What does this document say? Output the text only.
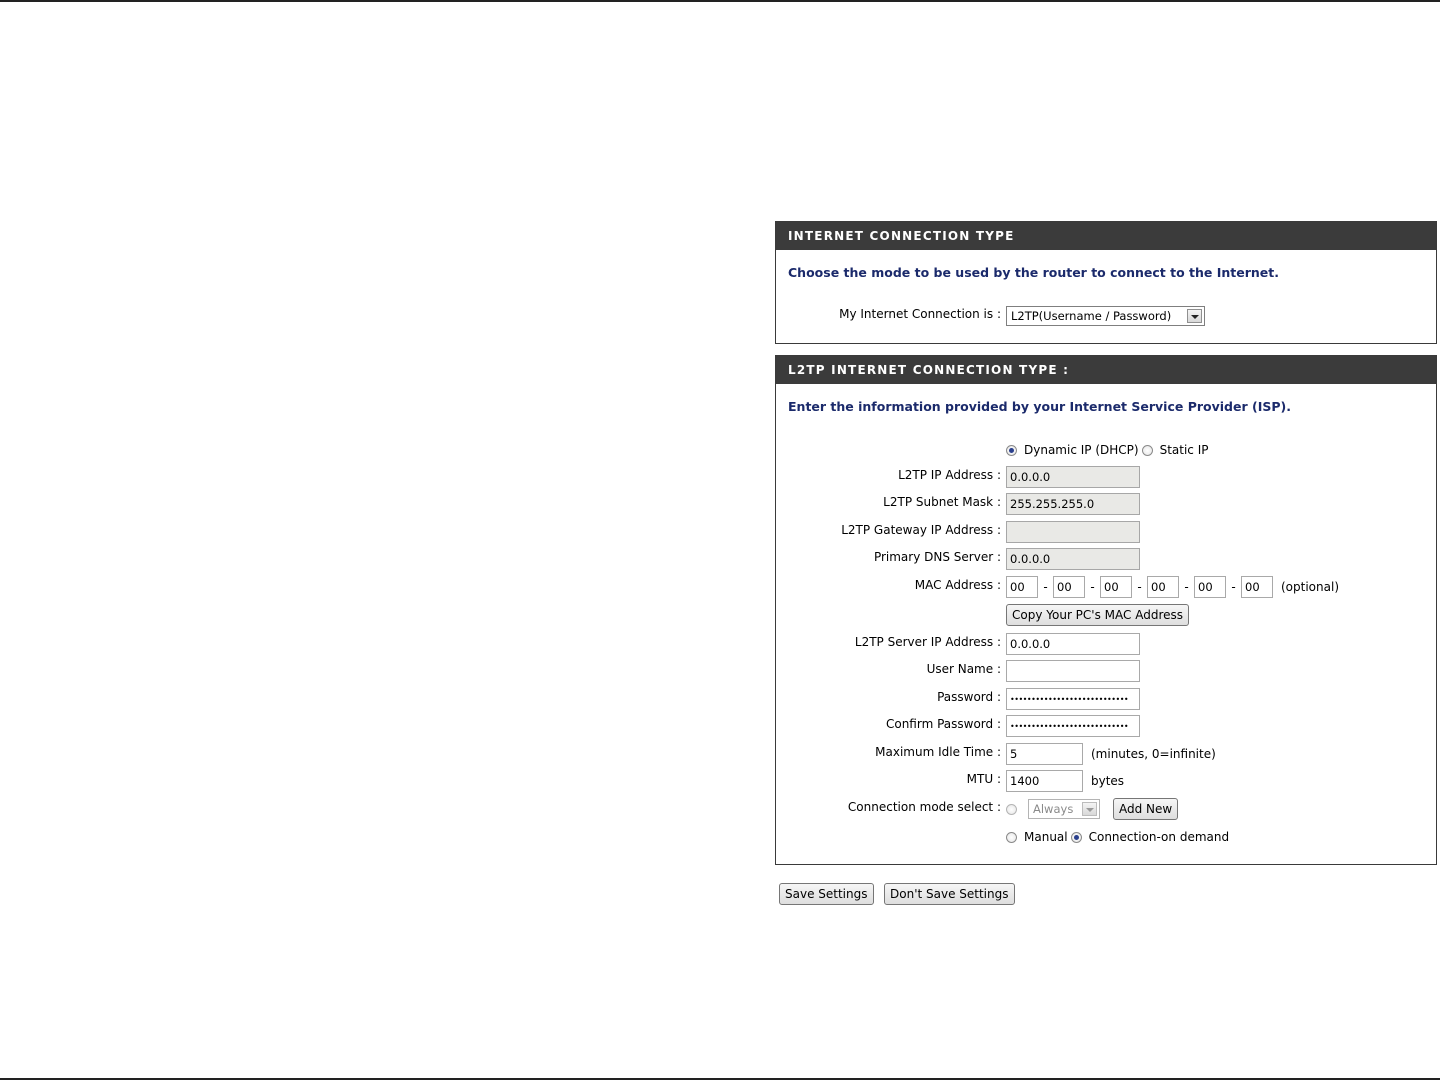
INTERNET CONNECTION TYPE
Choose the mode to be used by the router to connect to the Internet.
My Internet Connection is : L2TP(Username / Password)
L2TP INTERNET CONNECTION TYPE :
Enter the information provided by your Internet Service Provider (ISP).
Dynamic IP (DHCP) Static IP
L2TP IP Address :
0.0.0.0
L2TP Subnet Mask :
255.255.255.0
L2TP Gateway IP Address :
Primary DNS Server :
0.0.0.0
MAC Address :
00	-
00	-
00	-
00	-
00	-
00	(optional)
Copy Your PC's MAC Address
L2TP Server IP Address :
0.0.0.0
User Name :
Password :
••••••••••••••••••••••••••••
Confirm Password :
••••••••••••••••••••••••••••
Maximum Idle Time :
5	(minutes, 0=infinite)
MTU :
1400	bytes
Connection mode select :	Always	Add New
Manual Connection-on demand
Save Settings	Don't Save Settings
